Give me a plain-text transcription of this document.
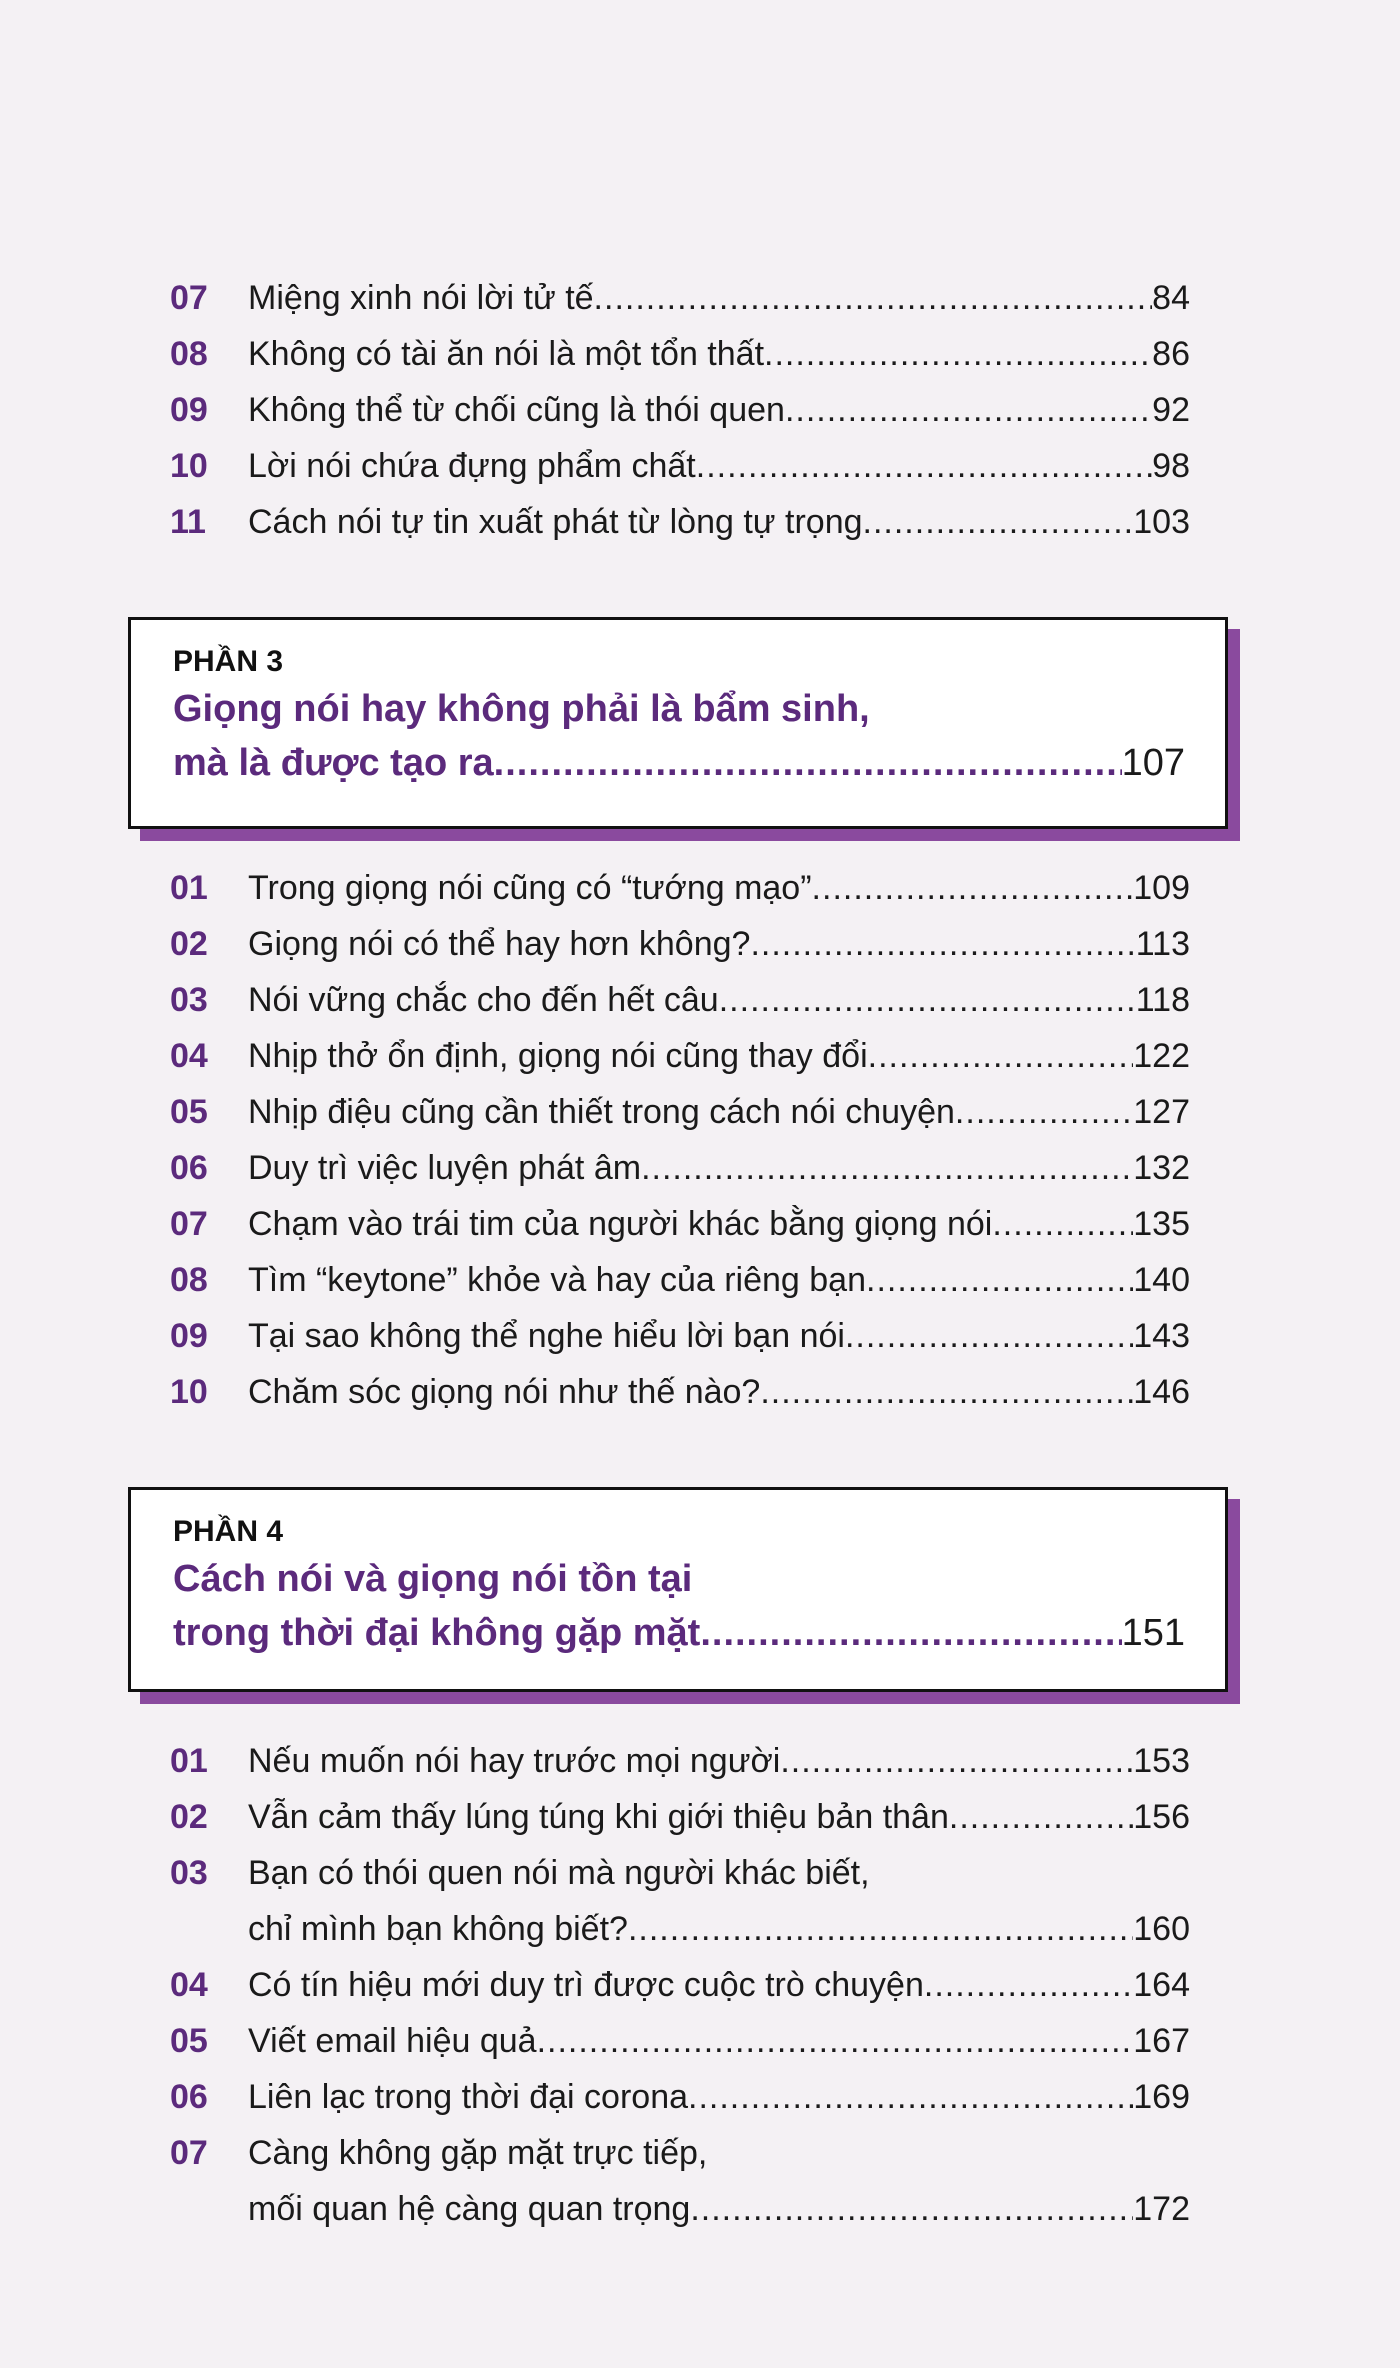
07	Miệng xinh nói lời tử tế .....	84
08	Không có tài ăn nói là một tổn thất .....	86
09	Không thể từ chối cũng là thói quen .....	92
10	Lời nói chứa đựng phẩm chất .....	98
11	Cách nói tự tin xuất phát từ lòng tự trọng .....	103
PHẦN 3
Giọng nói hay không phải là bẩm sinh,
mà là được tạo ra .....	107
01	Trong giọng nói cũng có “tướng mạo” .....	109
02	Giọng nói có thể hay hơn không? .....	113
03	Nói vững chắc cho đến hết câu .....	118
04	Nhịp thở ổn định, giọng nói cũng thay đổi .....	122
05	Nhịp điệu cũng cần thiết trong cách nói chuyện .....	127
06	Duy trì việc luyện phát âm .....	132
07	Chạm vào trái tim của người khác bằng giọng nói .....	135
08	Tìm “keytone” khỏe và hay của riêng bạn .....	140
09	Tại sao không thể nghe hiểu lời bạn nói .....	143
10	Chăm sóc giọng nói như thế nào? .....	146
PHẦN 4
Cách nói và giọng nói tồn tại
trong thời đại không gặp mặt .....	151
01	Nếu muốn nói hay trước mọi người .....	153
02	Vẫn cảm thấy lúng túng khi giới thiệu bản thân .....	156
03	Bạn có thói quen nói mà người khác biết,
chỉ mình bạn không biết? .....	160
04	Có tín hiệu mới duy trì được cuộc trò chuyện .....	164
05	Viết email hiệu quả .....	167
06	Liên lạc trong thời đại corona .....	169
07	Càng không gặp mặt trực tiếp,
mối quan hệ càng quan trọng .....	172
